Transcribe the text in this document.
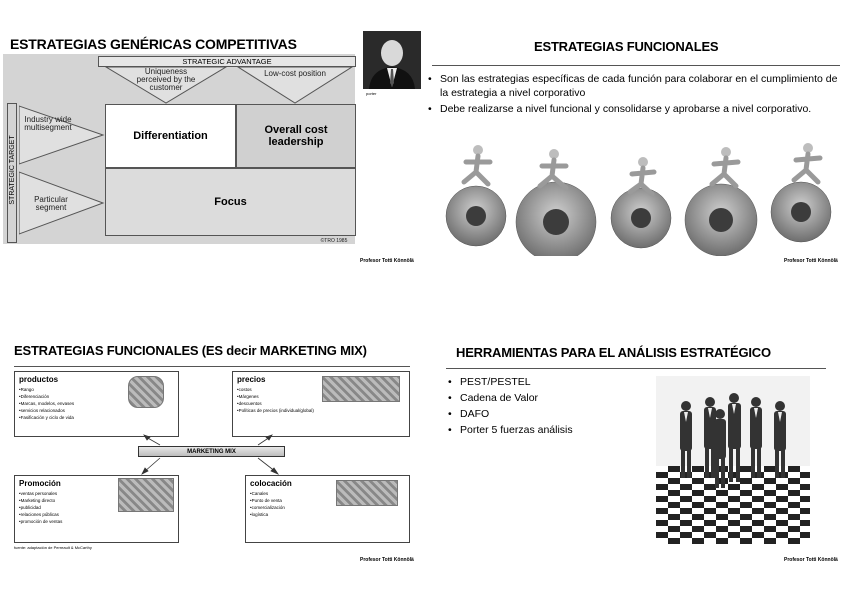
ESTRATEGIAS GENÉRICAS COMPETITIVAS
STRATEGIC ADVANTAGE
Uniqueness perceived by the customer
Low-cost position
STRATEGIC TARGET
Industry wide multisegment
Particular segment
Differentiation	Overall cost leadership
Focus
©TRO 1985
porter
Profesor Totti Könnölä
ESTRATEGIAS FUNCIONALES
• Son las estrategias específicas de cada función para colaborar en el cumplimiento de la estrategia a nivel corporativo
• Debe realizarse a nivel funcional y consolidarse y aprobarse a nivel corporativo.
Profesor Totti Könnölä
ESTRATEGIAS FUNCIONALES (ES decir MARKETING MIX)
productos
•Rango
•Diferenciación
•Marcas, modelos, envases
•servicios relacionados
•Fasificación y ciclo de vida
precios
•costos
•Márgenes
•descuentos
•Políticas de precios (individual/global)
MARKETING MIX
Promoción
•ventas personales
•Marketing directo
•publicidad
•relaciones públicas
•promoción de ventas
colocación
•Canales
•Punto de venta
•comercialización
•logística
fuente: adaptación de Perreault & McCarthy
Profesor Totti Könnölä
HERRAMIENTAS PARA EL ANÁLISIS ESTRATÉGICO
• PEST/PESTEL
• Cadena de Valor
• DAFO
• Porter 5 fuerzas análisis
Profesor Totti Könnölä
